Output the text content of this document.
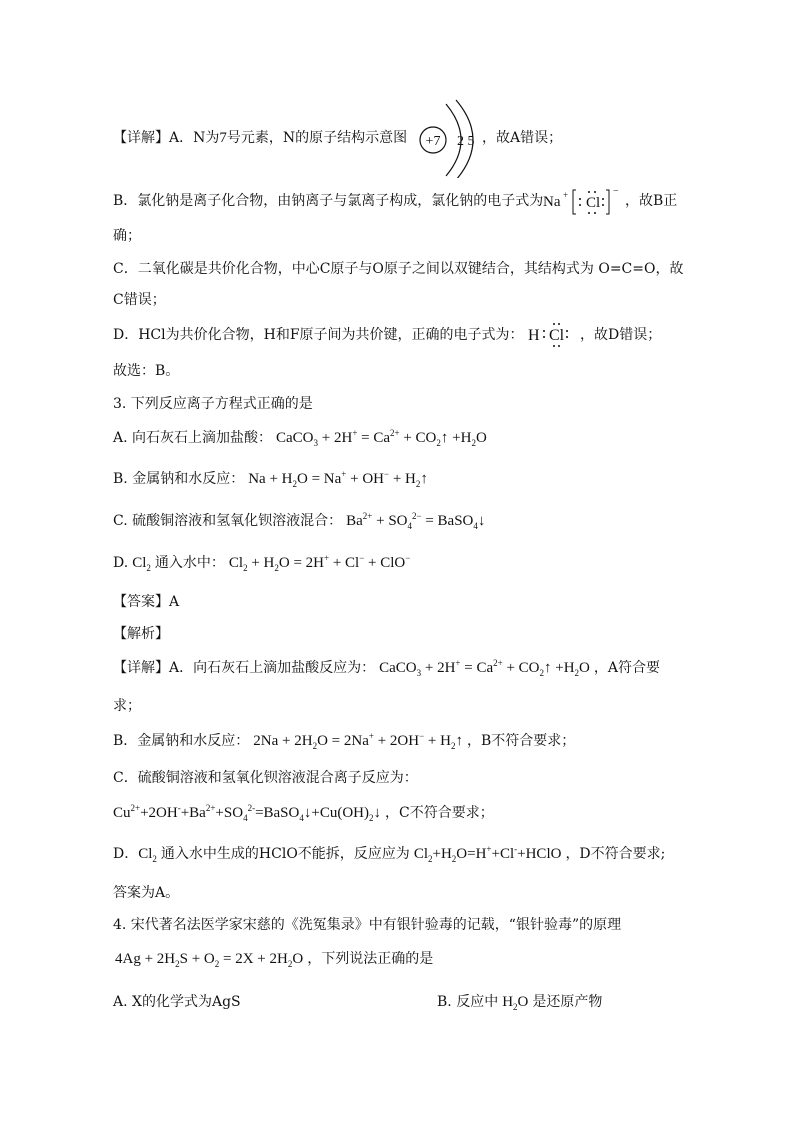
【详解】A．N为7号元素，N的原子结构示意图 +7 2 5 ，故A错误；
B．氯化钠是离子化合物，由钠离子与氯离子构成，氯化钠的电子式为 Na + Cl
−
，故B正
确；
C．二氧化碳是共价化合物，中心C原子与O原子之间以双键结合，其结构式为 O=C=O，故
C错误；
D．HCl为共价化合物，H和F原子间为共价键，正确的电子式为： H Cl ，故D错误；
故选：B。
3. 下列反应离子方程式正确的是
A. 向石灰石上滴加盐酸： CaCO$_3$ + $2H^+ = Ca^{2+}$ + $CO_2↑ +H_2O$
B. 金属钠和水反应： $Na + H_2O = Na^+ + OH^-$ + $H_2↑$
C. 硫酸铜溶液和氢氧化钡溶液混合： $Ba^{2+} + SO_4^{2-}$ = BaSO$_4$↓
D. $Cl_2$ 通入水中： $Cl_2 + H_2O = 2H^+ + Cl^- + ClO^-$
【答案】A
【解析】
【详解】A．向石灰石上滴加盐酸反应为： CaCO$_3$ + $2H^+ = Ca^{2+}$ + $CO_2↑ +H_2O$ ，A符合要
求；
B．金属钠和水反应： $2Na + 2H_2O = 2Na^+ + 2OH^-$ + $H_2↑$ ，B不符合要求；
C．硫酸铜溶液和氢氧化钡溶液混合离子反应为：
$Cu^{2+}+2OH^-+Ba^{2+}+SO_4^{2-}=BaSO_4↓+Cu(OH)_2↓$ ，C不符合要求；
D．$Cl_2$ 通入水中生成的HClO不能拆，反应应为 $Cl_2+H_2O=H^++Cl^-+HClO$ ，D不符合要求;
答案为A。
4. 宋代著名法医学家宋慈的《洗冤集录》中有银针验毒的记载，“银针验毒”的原理
$4Ag + 2H_2S + O_2 = 2X + 2H_2O$ ，下列说法正确的是
A. X的化学式为AgS	B. 反应中 $H_2O$ 是还原产物
